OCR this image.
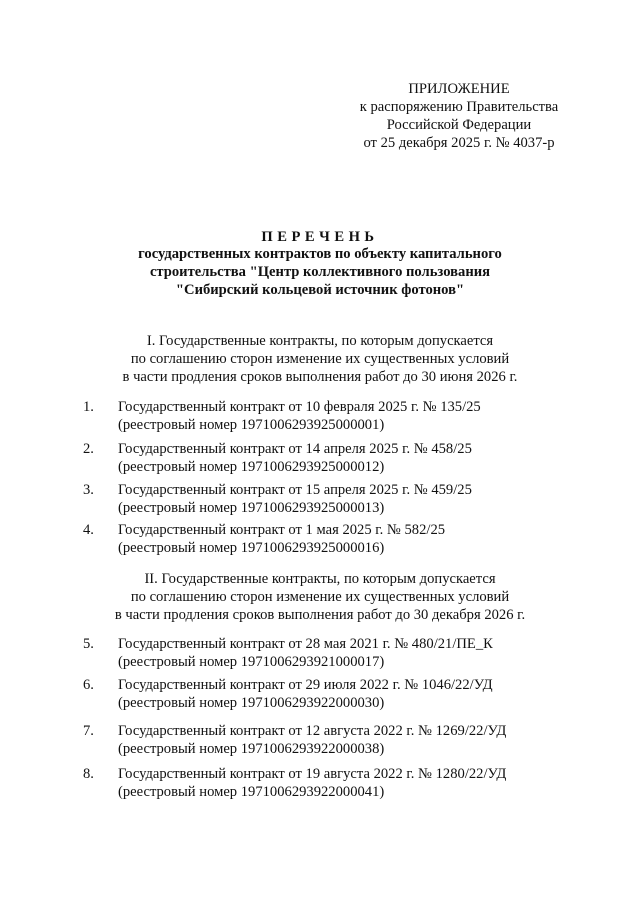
ПРИЛОЖЕНИЕ
к распоряжению Правительства
Российской Федерации
от 25 декабря 2025 г. № 4037-р
ПЕРЕЧЕНЬ
государственных контрактов по объекту капитального
строительства "Центр коллективного пользования
"Сибирский кольцевой источник фотонов"
I. Государственные контракты, по которым допускается
по соглашению сторон изменение их существенных условий
в части продления сроков выполнения работ до 30 июня 2026 г.
1.	Государственный контракт от 10 февраля 2025 г. № 135/25
(реестровый номер 1971006293925000001)
2.	Государственный контракт от 14 апреля 2025 г. № 458/25
(реестровый номер 1971006293925000012)
3.	Государственный контракт от 15 апреля 2025 г. № 459/25
(реестровый номер 1971006293925000013)
4.	Государственный контракт от 1 мая 2025 г. № 582/25
(реестровый номер 1971006293925000016)
II. Государственные контракты, по которым допускается
по соглашению сторон изменение их существенных условий
в части продления сроков выполнения работ до 30 декабря 2026 г.
5.	Государственный контракт от 28 мая 2021 г. № 480/21/ПЕ_К
(реестровый номер 1971006293921000017)
6.	Государственный контракт от 29 июля 2022 г. № 1046/22/УД
(реестровый номер 1971006293922000030)
7.	Государственный контракт от 12 августа 2022 г. № 1269/22/УД
(реестровый номер 1971006293922000038)
8.	Государственный контракт от 19 августа 2022 г. № 1280/22/УД
(реестровый номер 1971006293922000041)
